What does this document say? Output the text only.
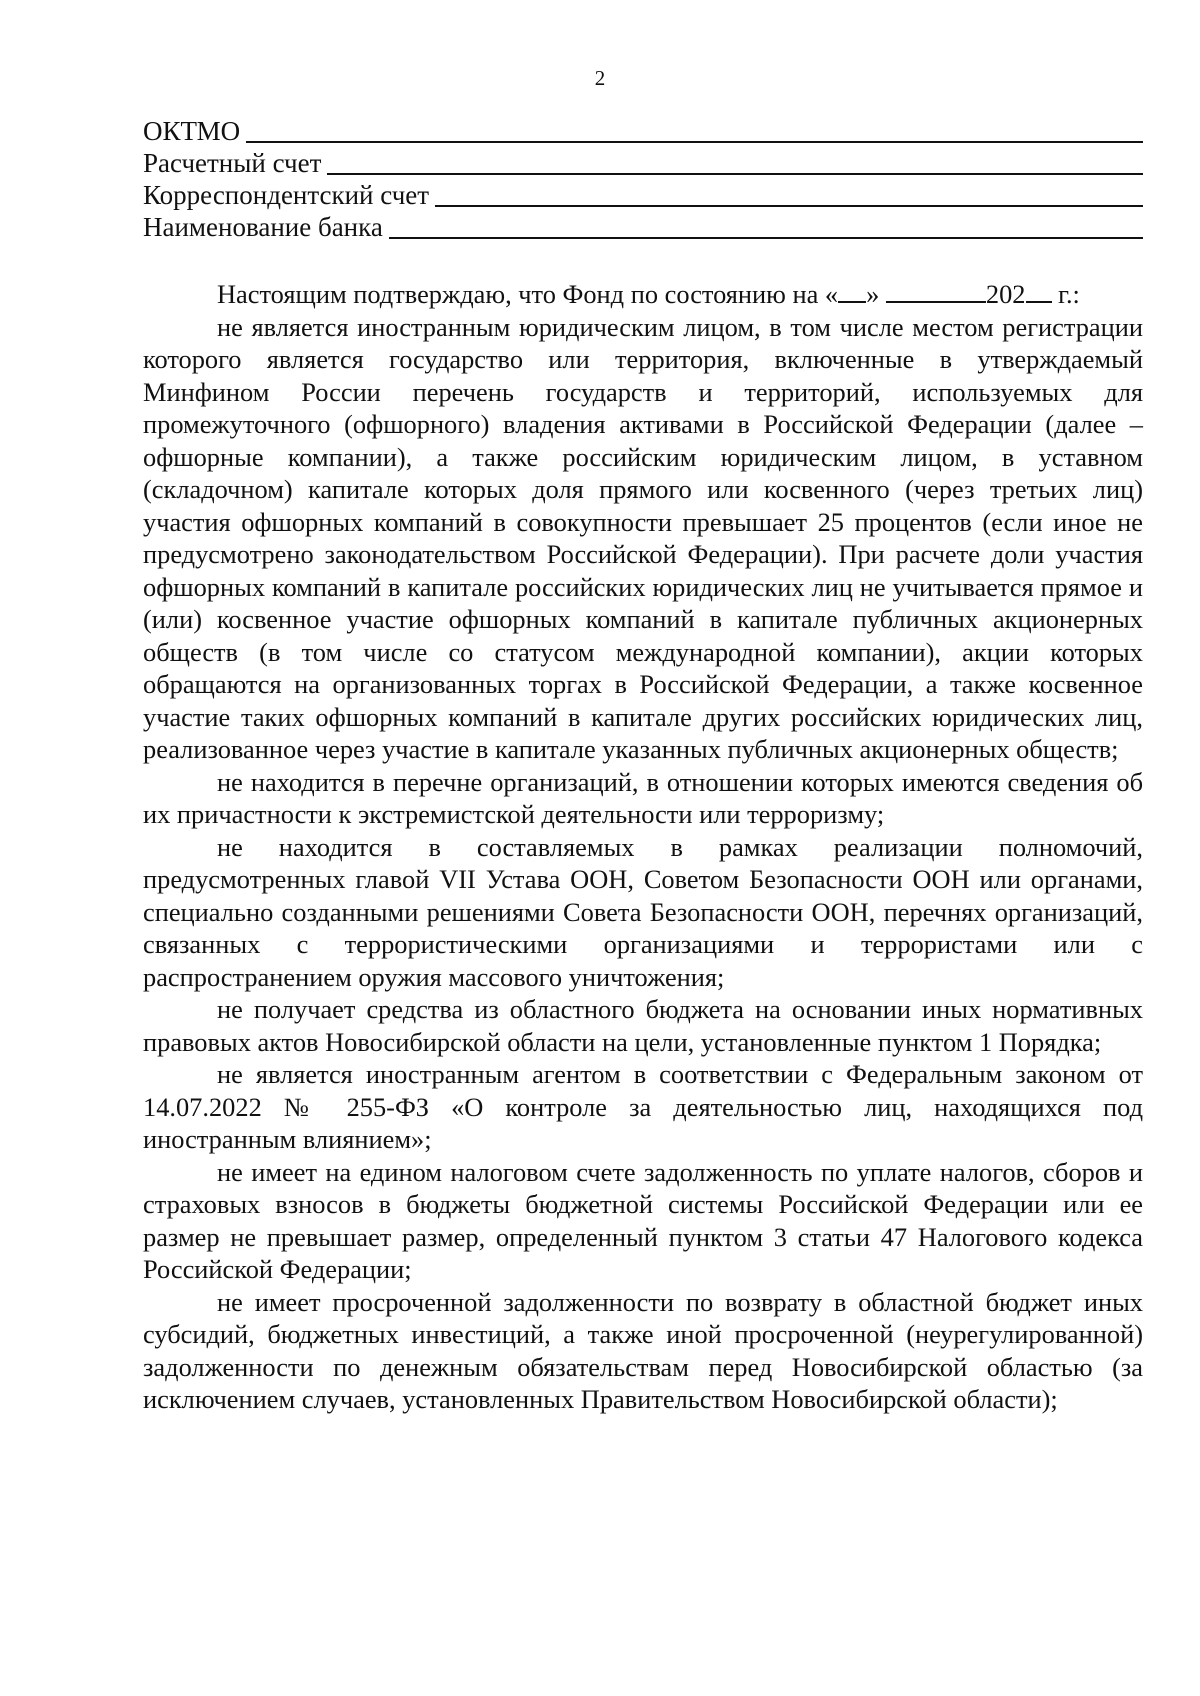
2
ОКТМО
Расчетный счет
Корреспондентский счет
Наименование банка

Настоящим подтверждаю, что Фонд по состоянию на « »	202 г.:

не является иностранным юридическим лицом, в том числе местом регистрации которого является государство или территория, включенные в утверждаемый Минфином России перечень государств и территорий, используемых для промежуточного (офшорного) владения активами в Российской Федерации (далее – офшорные компании), а также российским юридическим лицом, в уставном (складочном) капитале которых доля прямого или косвенного (через третьих лиц) участия офшорных компаний в совокупности превышает 25 процентов (если иное не предусмотрено законодательством Российской Федерации). При расчете доли участия офшорных компаний в капитале российских юридических лиц не учитывается прямое и (или) косвенное участие офшорных компаний в капитале публичных акционерных обществ (в том числе со статусом международной компании), акции которых обращаются на организованных торгах в Российской Федерации, а также косвенное участие таких офшорных компаний в капитале других российских юридических лиц, реализованное через участие в капитале указанных публичных акционерных обществ;

не находится в перечне организаций, в отношении которых имеются сведения об их причастности к экстремистской деятельности или терроризму;

не находится в составляемых в рамках реализации полномочий, предусмотренных главой VII Устава ООН, Советом Безопасности ООН или органами, специально созданными решениями Совета Безопасности ООН, перечнях организаций, связанных с террористическими организациями и террористами или с распространением оружия массового уничтожения;

не получает средства из областного бюджета на основании иных нормативных правовых актов Новосибирской области на цели, установленные пунктом 1 Порядка;

не является иностранным агентом в соответствии с Федеральным законом от 14.07.2022 № 255-ФЗ «О контроле за деятельностью лиц, находящихся под иностранным влиянием»;

не имеет на едином налоговом счете задолженность по уплате налогов, сборов и страховых взносов в бюджеты бюджетной системы Российской Федерации или ее размер не превышает размер, определенный пунктом 3 статьи 47 Налогового кодекса Российской Федерации;

не имеет просроченной задолженности по возврату в областной бюджет иных субсидий, бюджетных инвестиций, а также иной просроченной (неурегулированной) задолженности по денежным обязательствам перед Новосибирской областью (за исключением случаев, установленных Правительством Новосибирской области);
